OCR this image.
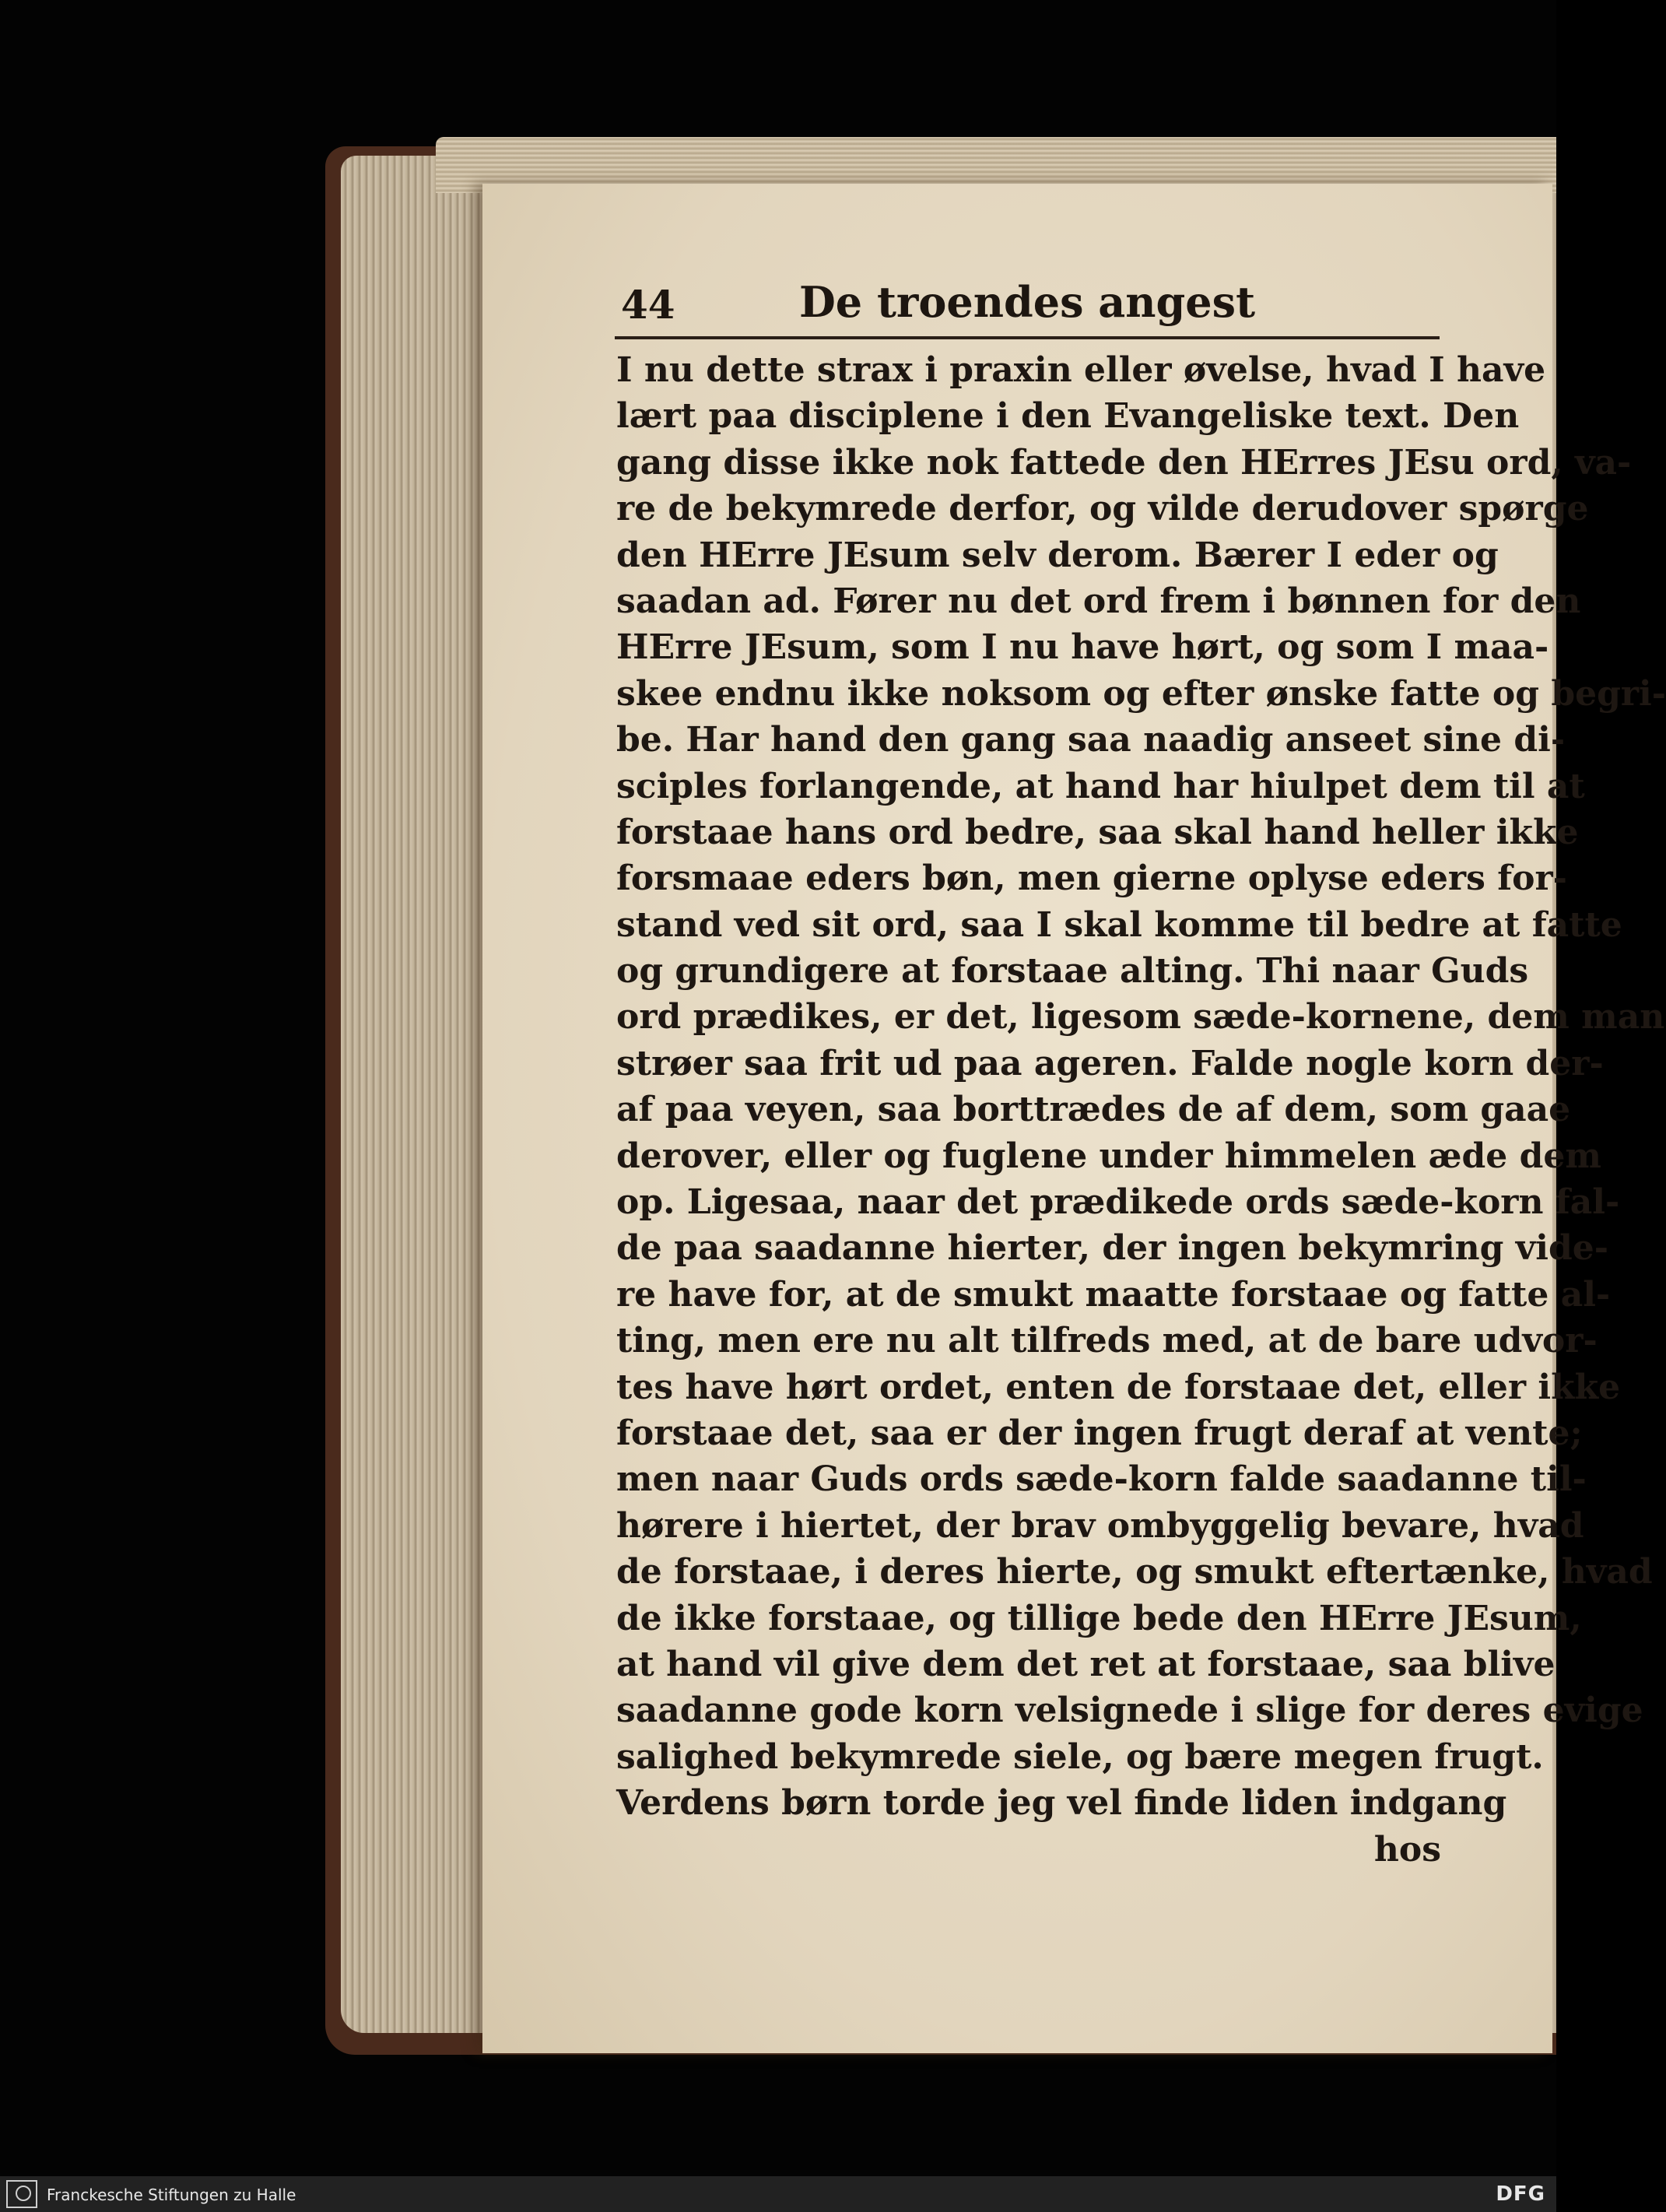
44	De troendes angest
I nu dette strax i praxin eller øvelse, hvad I have
lært paa disciplene i den Evangeliske text. Den
gang disse ikke nok fattede den HErres JEsu ord, va-
re de bekymrede derfor, og vilde derudover spørge
den HErre JEsum selv derom. Bærer I eder og
saadan ad. Fører nu det ord frem i bønnen for den
HErre JEsum, som I nu have hørt, og som I maa-
skee endnu ikke noksom og efter ønske fatte og begri-
be. Har hand den gang saa naadig anseet sine di-
sciples forlangende, at hand har hiulpet dem til at
forstaae hans ord bedre, saa skal hand heller ikke
forsmaae eders bøn, men gierne oplyse eders for-
stand ved sit ord, saa I skal komme til bedre at fatte
og grundigere at forstaae alting. Thi naar Guds
ord prædikes, er det, ligesom sæde-kornene, dem man
strøer saa frit ud paa ageren. Falde nogle korn der-
af paa veyen, saa borttrædes de af dem, som gaae
derover, eller og fuglene under himmelen æde dem
op. Ligesaa, naar det prædikede ords sæde-korn fal-
de paa saadanne hierter, der ingen bekymring vide-
re have for, at de smukt maatte forstaae og fatte al-
ting, men ere nu alt tilfreds med, at de bare udvor-
tes have hørt ordet, enten de forstaae det, eller ikke
forstaae det, saa er der ingen frugt deraf at vente;
men naar Guds ords sæde-korn falde saadanne til-
hørere i hiertet, der brav ombyggelig bevare, hvad
de forstaae, i deres hierte, og smukt eftertænke, hvad
de ikke forstaae, og tillige bede den HErre JEsum,
at hand vil give dem det ret at forstaae, saa blive
saadanne gode korn velsignede i slige for deres evige
salighed bekymrede siele, og bære megen frugt.
Verdens børn torde jeg vel finde liden indgang
hos
Franckesche Stiftungen zu Halle	DFG
